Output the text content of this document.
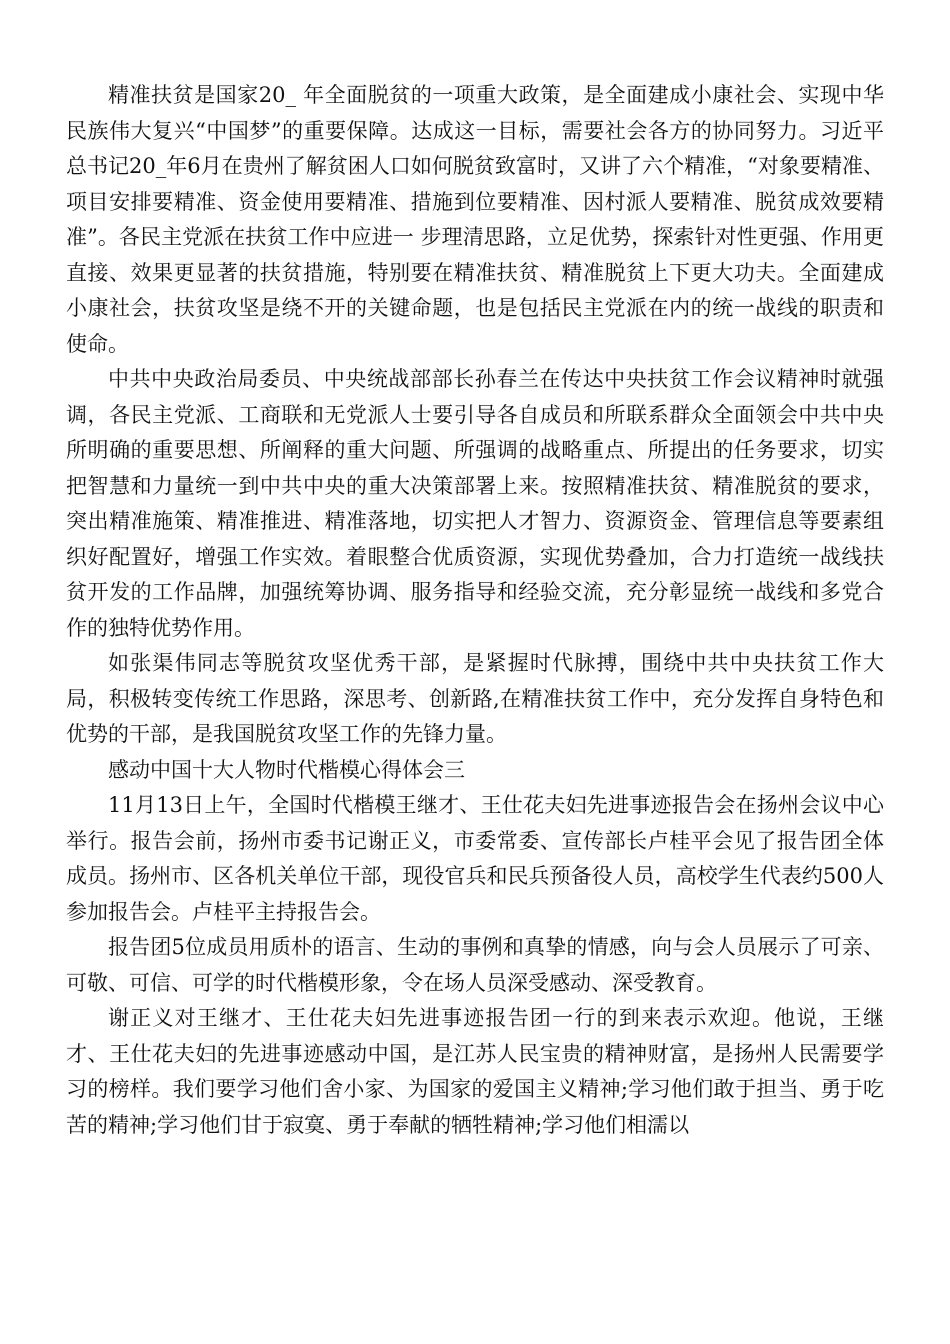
精准扶贫是国家20_ 年全面脱贫的一项重大政策，是全面建成小康社会、实现中华民族伟大复兴“中国梦”的重要保障。达成这一目标，需要社会各方的协同努力。习近平总书记20_年6月在贵州了解贫困人口如何脱贫致富时，又讲了六个精准，“对象要精准、项目安排要精准、资金使用要精准、措施到位要精准、因村派人要精准、脱贫成效要精准”。各民主党派在扶贫工作中应进一 步理清思路，立足优势，探索针对性更强、作用更直接、效果更显著的扶贫措施，特别要在精准扶贫、精准脱贫上下更大功夫。全面建成小康社会，扶贫攻坚是绕不开的关键命题，也是包括民主党派在内的统一战线的职责和使命。

中共中央政治局委员、中央统战部部长孙春兰在传达中央扶贫工作会议精神时就强调，各民主党派、工商联和无党派人士要引导各自成员和所联系群众全面领会中共中央所明确的重要思想、所阐释的重大问题、所强调的战略重点、所提出的任务要求，切实把智慧和力量统一到中共中央的重大决策部署上来。按照精准扶贫、精准脱贫的要求，突出精准施策、精准推进、精准落地，切实把人才智力、资源资金、管理信息等要素组织好配置好，增强工作实效。着眼整合优质资源，实现优势叠加，合力打造统一战线扶贫开发的工作品牌，加强统筹协调、服务指导和经验交流，充分彰显统一战线和多党合作的独特优势作用。

如张渠伟同志等脱贫攻坚优秀干部，是紧握时代脉搏，围绕中共中央扶贫工作大局，积极转变传统工作思路，深思考、创新路,在精准扶贫工作中，充分发挥自身特色和优势的干部，是我国脱贫攻坚工作的先锋力量。

感动中国十大人物时代楷模心得体会三

11月13日上午，全国时代楷模王继才、王仕花夫妇先进事迹报告会在扬州会议中心举行。报告会前，扬州市委书记谢正义，市委常委、宣传部长卢桂平会见了报告团全体成员。扬州市、区各机关单位干部，现役官兵和民兵预备役人员，高校学生代表约500人参加报告会。卢桂平主持报告会。

报告团5位成员用质朴的语言、生动的事例和真挚的情感，向与会人员展示了可亲、可敬、可信、可学的时代楷模形象，令在场人员深受感动、深受教育。

谢正义对王继才、王仕花夫妇先进事迹报告团一行的到来表示欢迎。他说，王继才、王仕花夫妇的先进事迹感动中国，是江苏人民宝贵的精神财富，是扬州人民需要学习的榜样。我们要学习他们舍小家、为国家的爱国主义精神;学习他们敢于担当、勇于吃苦的精神;学习他们甘于寂寞、勇于奉献的牺牲精神;学习他们相濡以
